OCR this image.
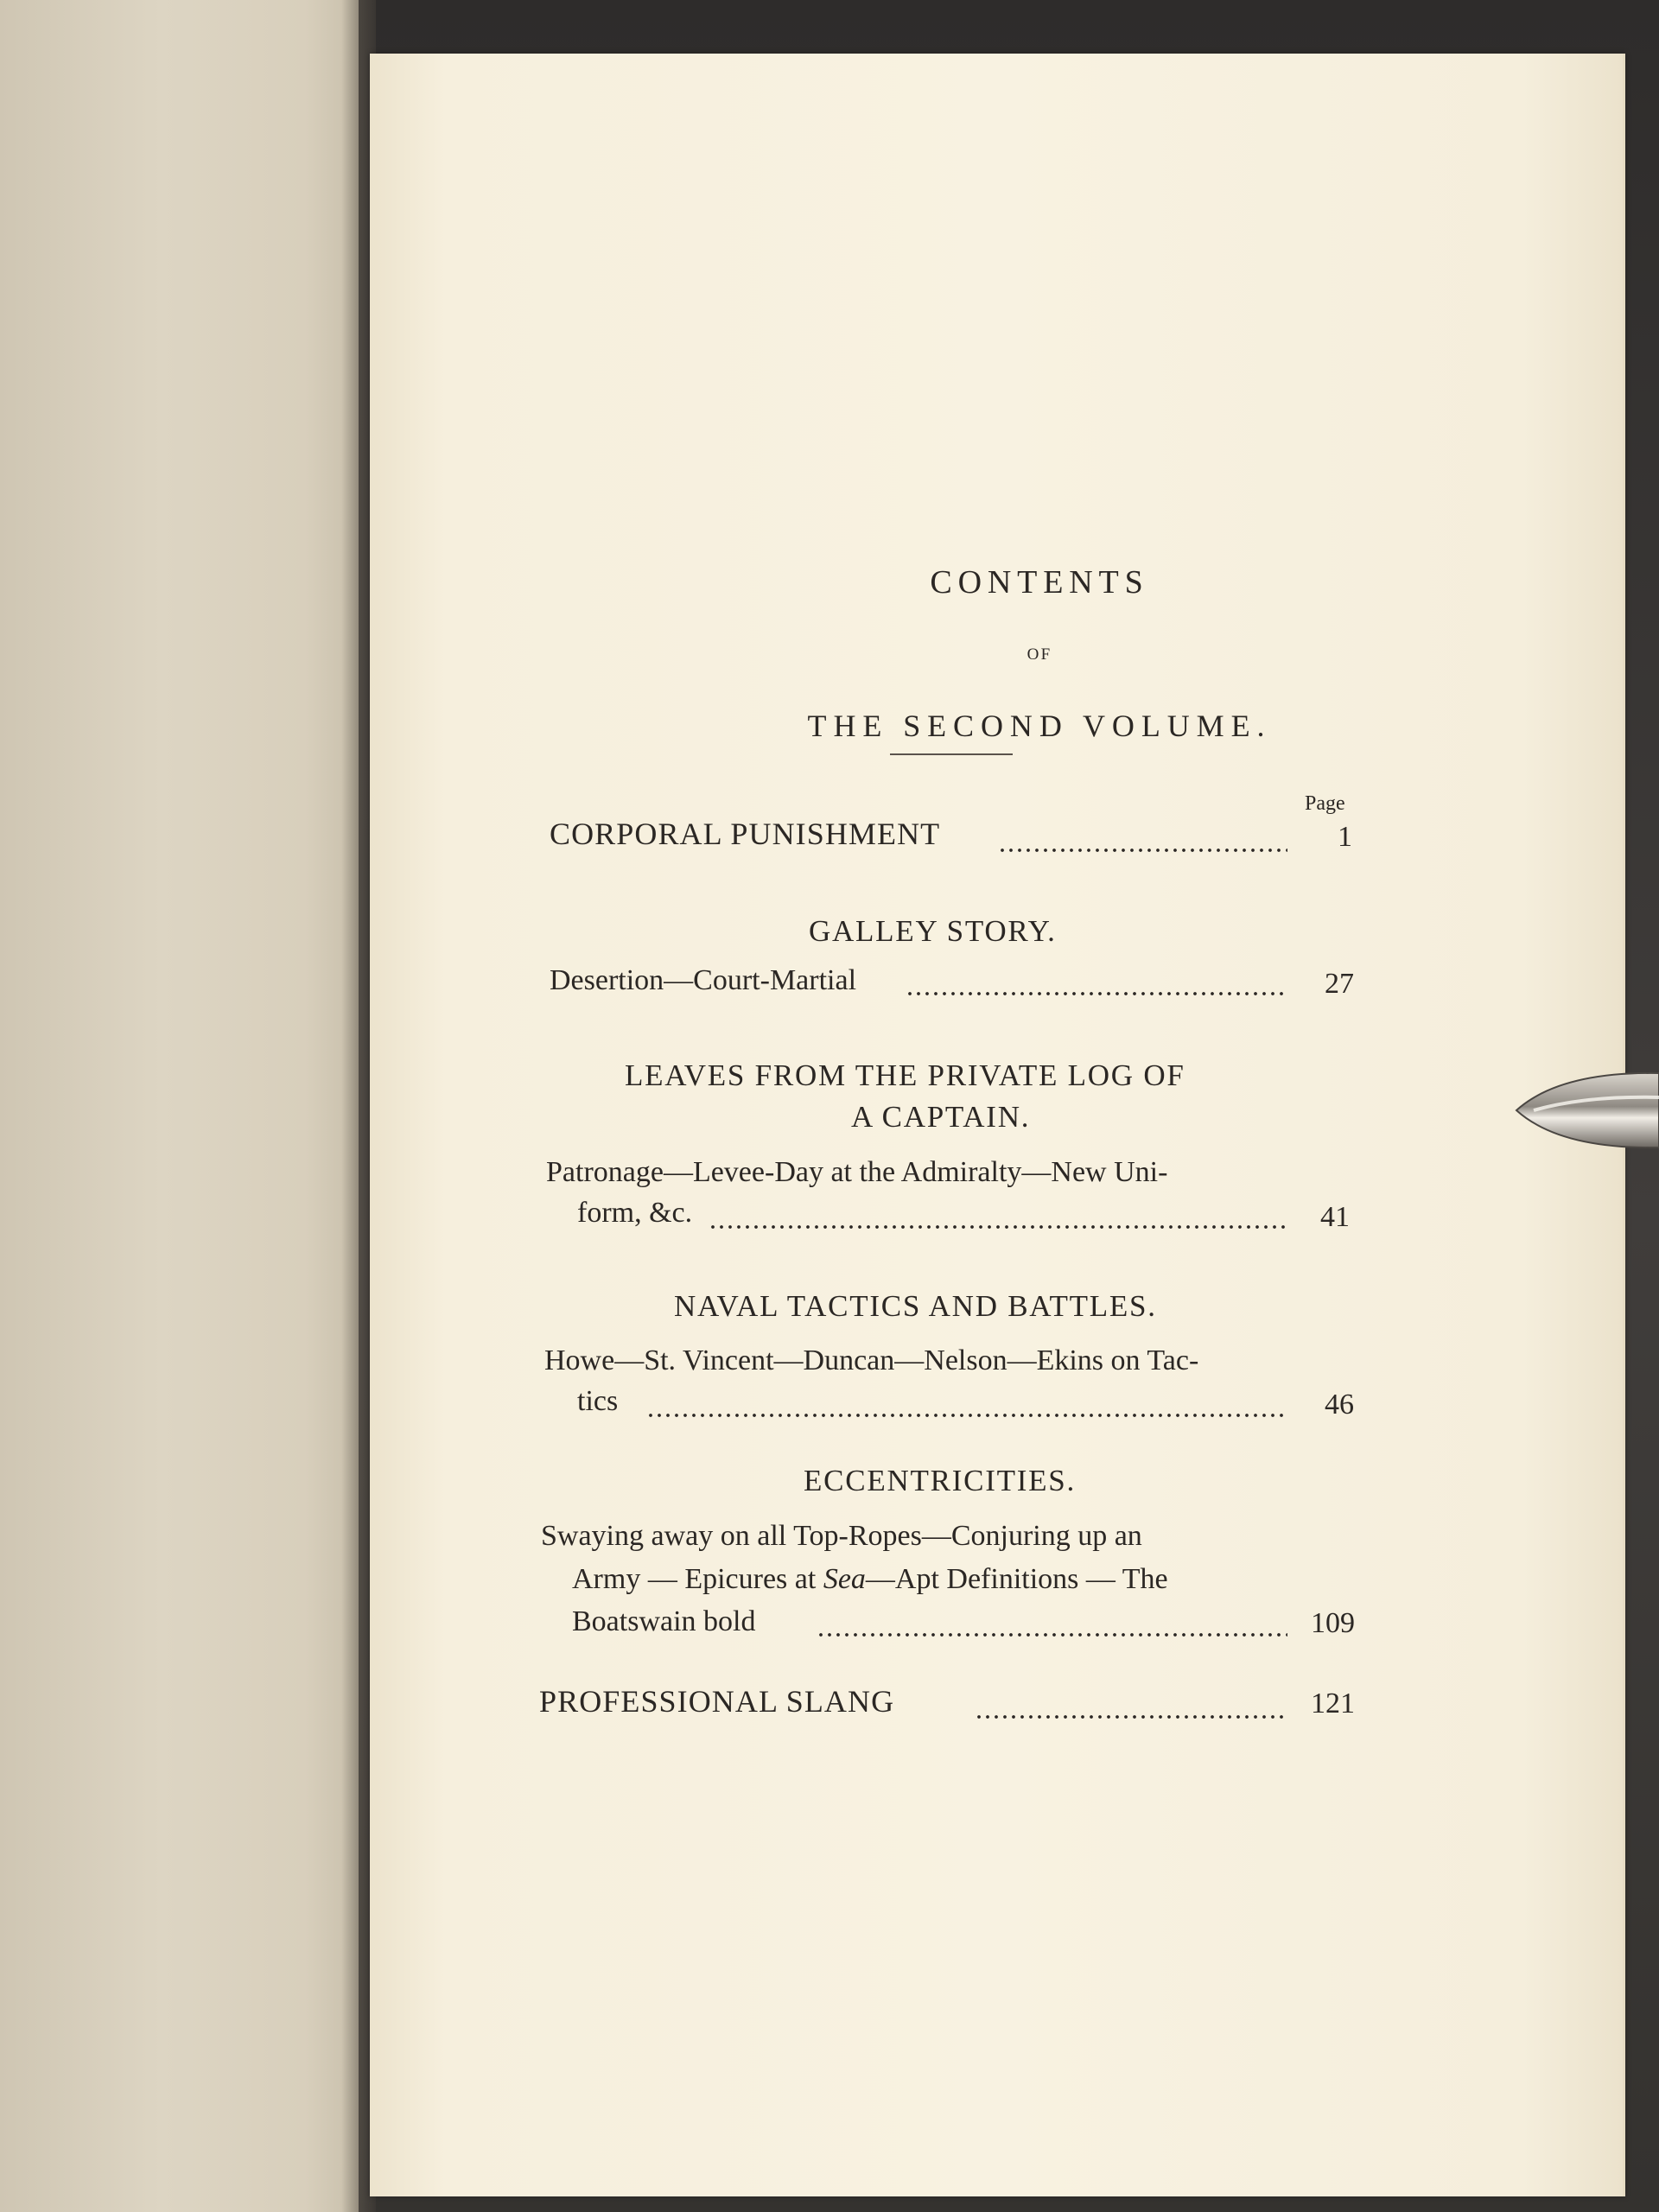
CONTENTS
OF
THE SECOND VOLUME.
Page
CORPORAL PUNISHMENT	1
GALLEY STORY.
Desertion—Court-Martial	27
LEAVES FROM THE PRIVATE LOG OF
A CAPTAIN.
Patronage—Levee-Day at the Admiralty—New Uni-
form, &c.	41
NAVAL TACTICS AND BATTLES.
Howe—St. Vincent—Duncan—Nelson—Ekins on Tac-
tics	46
ECCENTRICITIES.
Swaying away on all Top-Ropes—Conjuring up an
Army — Epicures at Sea—Apt Definitions — The
Boatswain bold	109
PROFESSIONAL SLANG	121
